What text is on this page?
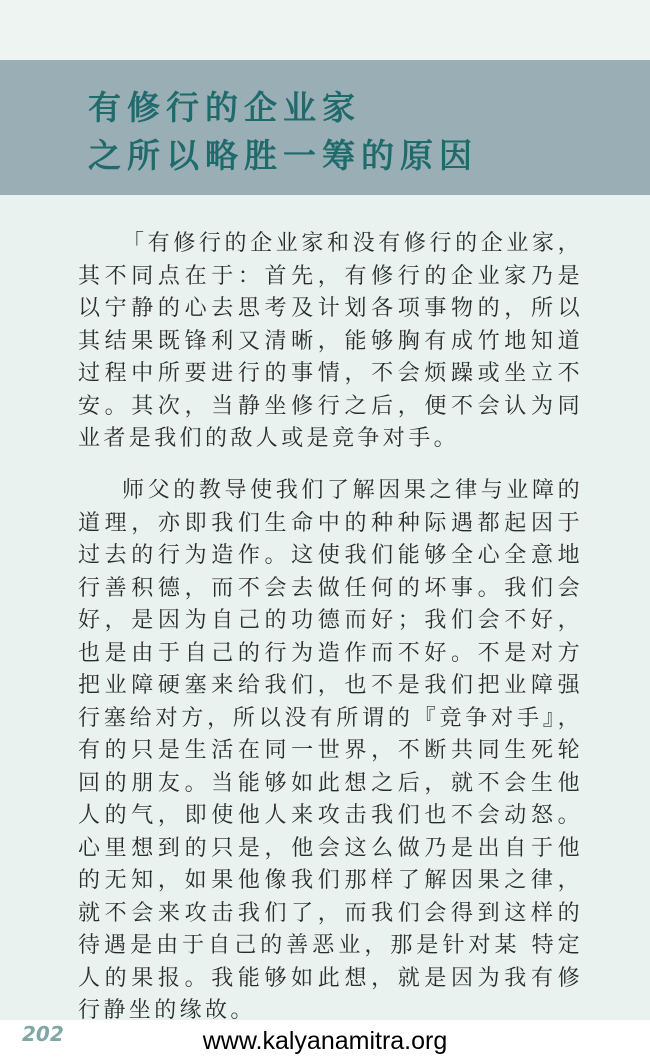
有修行的企业家
之所以略胜一筹的原因

「有修行的企业家和没有修行的企业家，其不同点在于：首先，有修行的企业家乃是以宁静的心去思考及计划各项事物的，所以其结果既锋利又清晰，能够胸有成竹地知道过程中所要进行的事情，不会烦躁或坐立不安。其次，当静坐修行之后，便不会认为同业者是我们的敌人或是竞争对手。

师父的教导使我们了解因果之律与业障的道理，亦即我们生命中的种种际遇都起因于过去的行为造作。这使我们能够全心全意地行善积德，而不会去做任何的坏事。我们会好，是因为自己的功德而好；我们会不好，也是由于自己的行为造作而不好。不是对方把业障硬塞来给我们，也不是我们把业障强行塞给对方，所以没有所谓的『竞争对手』，有的只是生活在同一世界，不断共同生死轮回的朋友。当能够如此想之后，就不会生他人的气，即使他人来攻击我们也不会动怒。心里想到的只是，他会这么做乃是出自于他的无知，如果他像我们那样了解因果之律，就不会来攻击我们了，而我们会得到这样的待遇是由于自己的善恶业，那是针对某 特定人的果报。我能够如此想，就是因为我有修行静坐的缘故。

202	www.kalyanamitra.org
